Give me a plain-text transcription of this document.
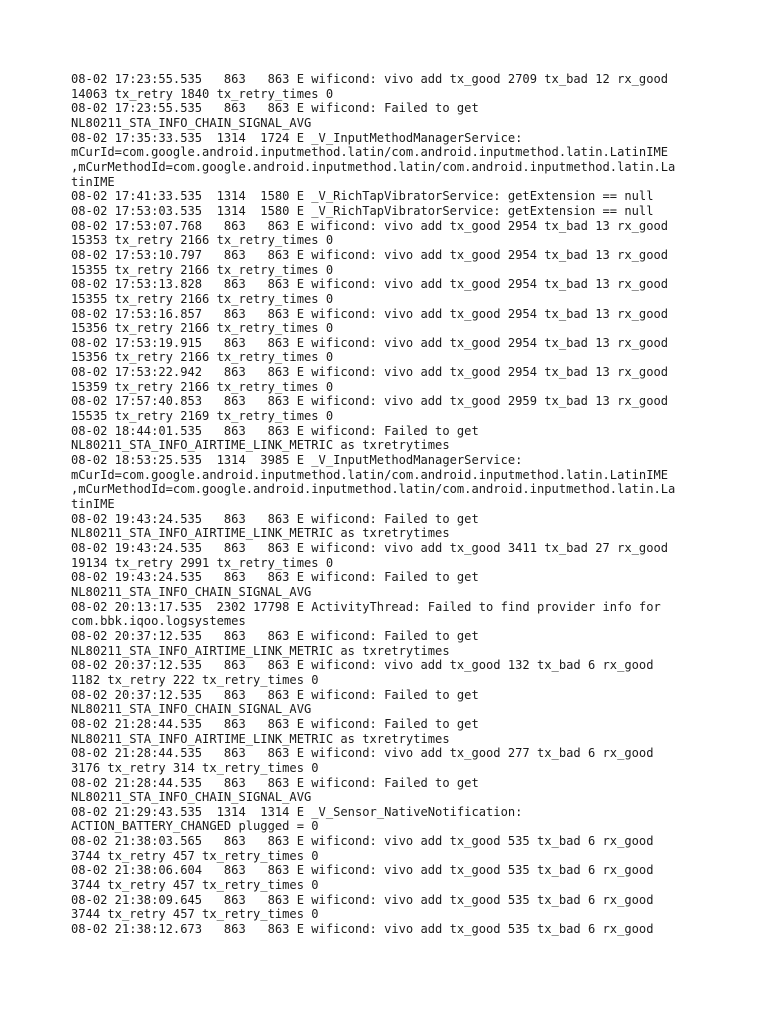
08-02 17:23:55.535   863   863 E wificond: vivo add tx_good 2709 tx_bad 12 rx_good
14063 tx_retry 1840 tx_retry_times 0
08-02 17:23:55.535   863   863 E wificond: Failed to get
NL80211_STA_INFO_CHAIN_SIGNAL_AVG
08-02 17:35:33.535  1314  1724 E _V_InputMethodManagerService:
mCurId=com.google.android.inputmethod.latin/com.android.inputmethod.latin.LatinIME
,mCurMethodId=com.google.android.inputmethod.latin/com.android.inputmethod.latin.La
tinIME
08-02 17:41:33.535  1314  1580 E _V_RichTapVibratorService: getExtension == null
08-02 17:53:03.535  1314  1580 E _V_RichTapVibratorService: getExtension == null
08-02 17:53:07.768   863   863 E wificond: vivo add tx_good 2954 tx_bad 13 rx_good
15353 tx_retry 2166 tx_retry_times 0
08-02 17:53:10.797   863   863 E wificond: vivo add tx_good 2954 tx_bad 13 rx_good
15355 tx_retry 2166 tx_retry_times 0
08-02 17:53:13.828   863   863 E wificond: vivo add tx_good 2954 tx_bad 13 rx_good
15355 tx_retry 2166 tx_retry_times 0
08-02 17:53:16.857   863   863 E wificond: vivo add tx_good 2954 tx_bad 13 rx_good
15356 tx_retry 2166 tx_retry_times 0
08-02 17:53:19.915   863   863 E wificond: vivo add tx_good 2954 tx_bad 13 rx_good
15356 tx_retry 2166 tx_retry_times 0
08-02 17:53:22.942   863   863 E wificond: vivo add tx_good 2954 tx_bad 13 rx_good
15359 tx_retry 2166 tx_retry_times 0
08-02 17:57:40.853   863   863 E wificond: vivo add tx_good 2959 tx_bad 13 rx_good
15535 tx_retry 2169 tx_retry_times 0
08-02 18:44:01.535   863   863 E wificond: Failed to get
NL80211_STA_INFO_AIRTIME_LINK_METRIC as txretrytimes
08-02 18:53:25.535  1314  3985 E _V_InputMethodManagerService:
mCurId=com.google.android.inputmethod.latin/com.android.inputmethod.latin.LatinIME
,mCurMethodId=com.google.android.inputmethod.latin/com.android.inputmethod.latin.La
tinIME
08-02 19:43:24.535   863   863 E wificond: Failed to get
NL80211_STA_INFO_AIRTIME_LINK_METRIC as txretrytimes
08-02 19:43:24.535   863   863 E wificond: vivo add tx_good 3411 tx_bad 27 rx_good
19134 tx_retry 2991 tx_retry_times 0
08-02 19:43:24.535   863   863 E wificond: Failed to get
NL80211_STA_INFO_CHAIN_SIGNAL_AVG
08-02 20:13:17.535  2302 17798 E ActivityThread: Failed to find provider info for
com.bbk.iqoo.logsystemes
08-02 20:37:12.535   863   863 E wificond: Failed to get
NL80211_STA_INFO_AIRTIME_LINK_METRIC as txretrytimes
08-02 20:37:12.535   863   863 E wificond: vivo add tx_good 132 tx_bad 6 rx_good
1182 tx_retry 222 tx_retry_times 0
08-02 20:37:12.535   863   863 E wificond: Failed to get
NL80211_STA_INFO_CHAIN_SIGNAL_AVG
08-02 21:28:44.535   863   863 E wificond: Failed to get
NL80211_STA_INFO_AIRTIME_LINK_METRIC as txretrytimes
08-02 21:28:44.535   863   863 E wificond: vivo add tx_good 277 tx_bad 6 rx_good
3176 tx_retry 314 tx_retry_times 0
08-02 21:28:44.535   863   863 E wificond: Failed to get
NL80211_STA_INFO_CHAIN_SIGNAL_AVG
08-02 21:29:43.535  1314  1314 E _V_Sensor_NativeNotification:
ACTION_BATTERY_CHANGED plugged = 0
08-02 21:38:03.565   863   863 E wificond: vivo add tx_good 535 tx_bad 6 rx_good
3744 tx_retry 457 tx_retry_times 0
08-02 21:38:06.604   863   863 E wificond: vivo add tx_good 535 tx_bad 6 rx_good
3744 tx_retry 457 tx_retry_times 0
08-02 21:38:09.645   863   863 E wificond: vivo add tx_good 535 tx_bad 6 rx_good
3744 tx_retry 457 tx_retry_times 0
08-02 21:38:12.673   863   863 E wificond: vivo add tx_good 535 tx_bad 6 rx_good
